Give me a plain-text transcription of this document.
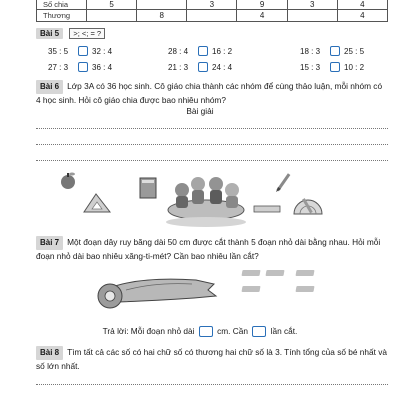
Số chia	5		3	9	3	4
Thương		8		4		4
Bài 5 >; <; = ?
35 : 5	32 : 4	28 : 4	16 : 2	18 : 3	25 : 5
27 : 3	36 : 4	21 : 3	24 : 4	15 : 3	10 : 2
Bài 6 Lớp 3A có 36 học sinh. Cô giáo chia thành các nhóm để cùng thảo luận, mỗi nhóm có 4 học sinh. Hỏi cô giáo chia được bao nhiêu nhóm?
Bài giải
Bài 7 Một đoạn dây ruy băng dài 50 cm được cắt thành 5 đoạn nhỏ dài bằng nhau. Hỏi mỗi đoạn nhỏ dài bao nhiêu xăng-ti-mét? Cần bao nhiêu lần cắt?
Trả lời: Mỗi đoạn nhỏ dài	cm. Cần	lần cắt.
Bài 8 Tìm tất cả các số có hai chữ số có thương hai chữ số là 3. Tính tổng của số bé nhất và số lớn nhất.
